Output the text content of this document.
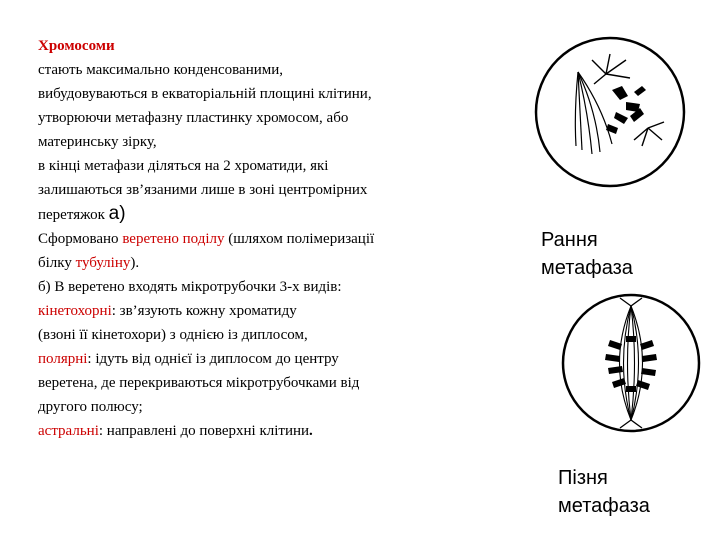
Хромосоми

стають максимально конденсованими,

вибудовуваються в екваторіальній площині клітини,

утворюючи метафазну пластинку хромосом, або

материнську зірку,

в кінці метафази діляться на 2 хроматиди, які

залишаються зв’язаними лише в зоні центромірних

перетяжок а)

Сформовано веретено поділу (шляхом полімеризації

білку тубуліну).

б) В веретено входять мікротрубочки 3-х видів:

кінетохорні: зв’язують кожну хроматиду

(взоні її кінетохори) з однією із диплосом,

полярні: ідуть від однієї із диплосом до центру

веретена, де перекриваються мікротрубочками від

другого полюсу;

астральні: направлені до поверхні клітини.

Рання
метафаза
Пізня
метафаза
